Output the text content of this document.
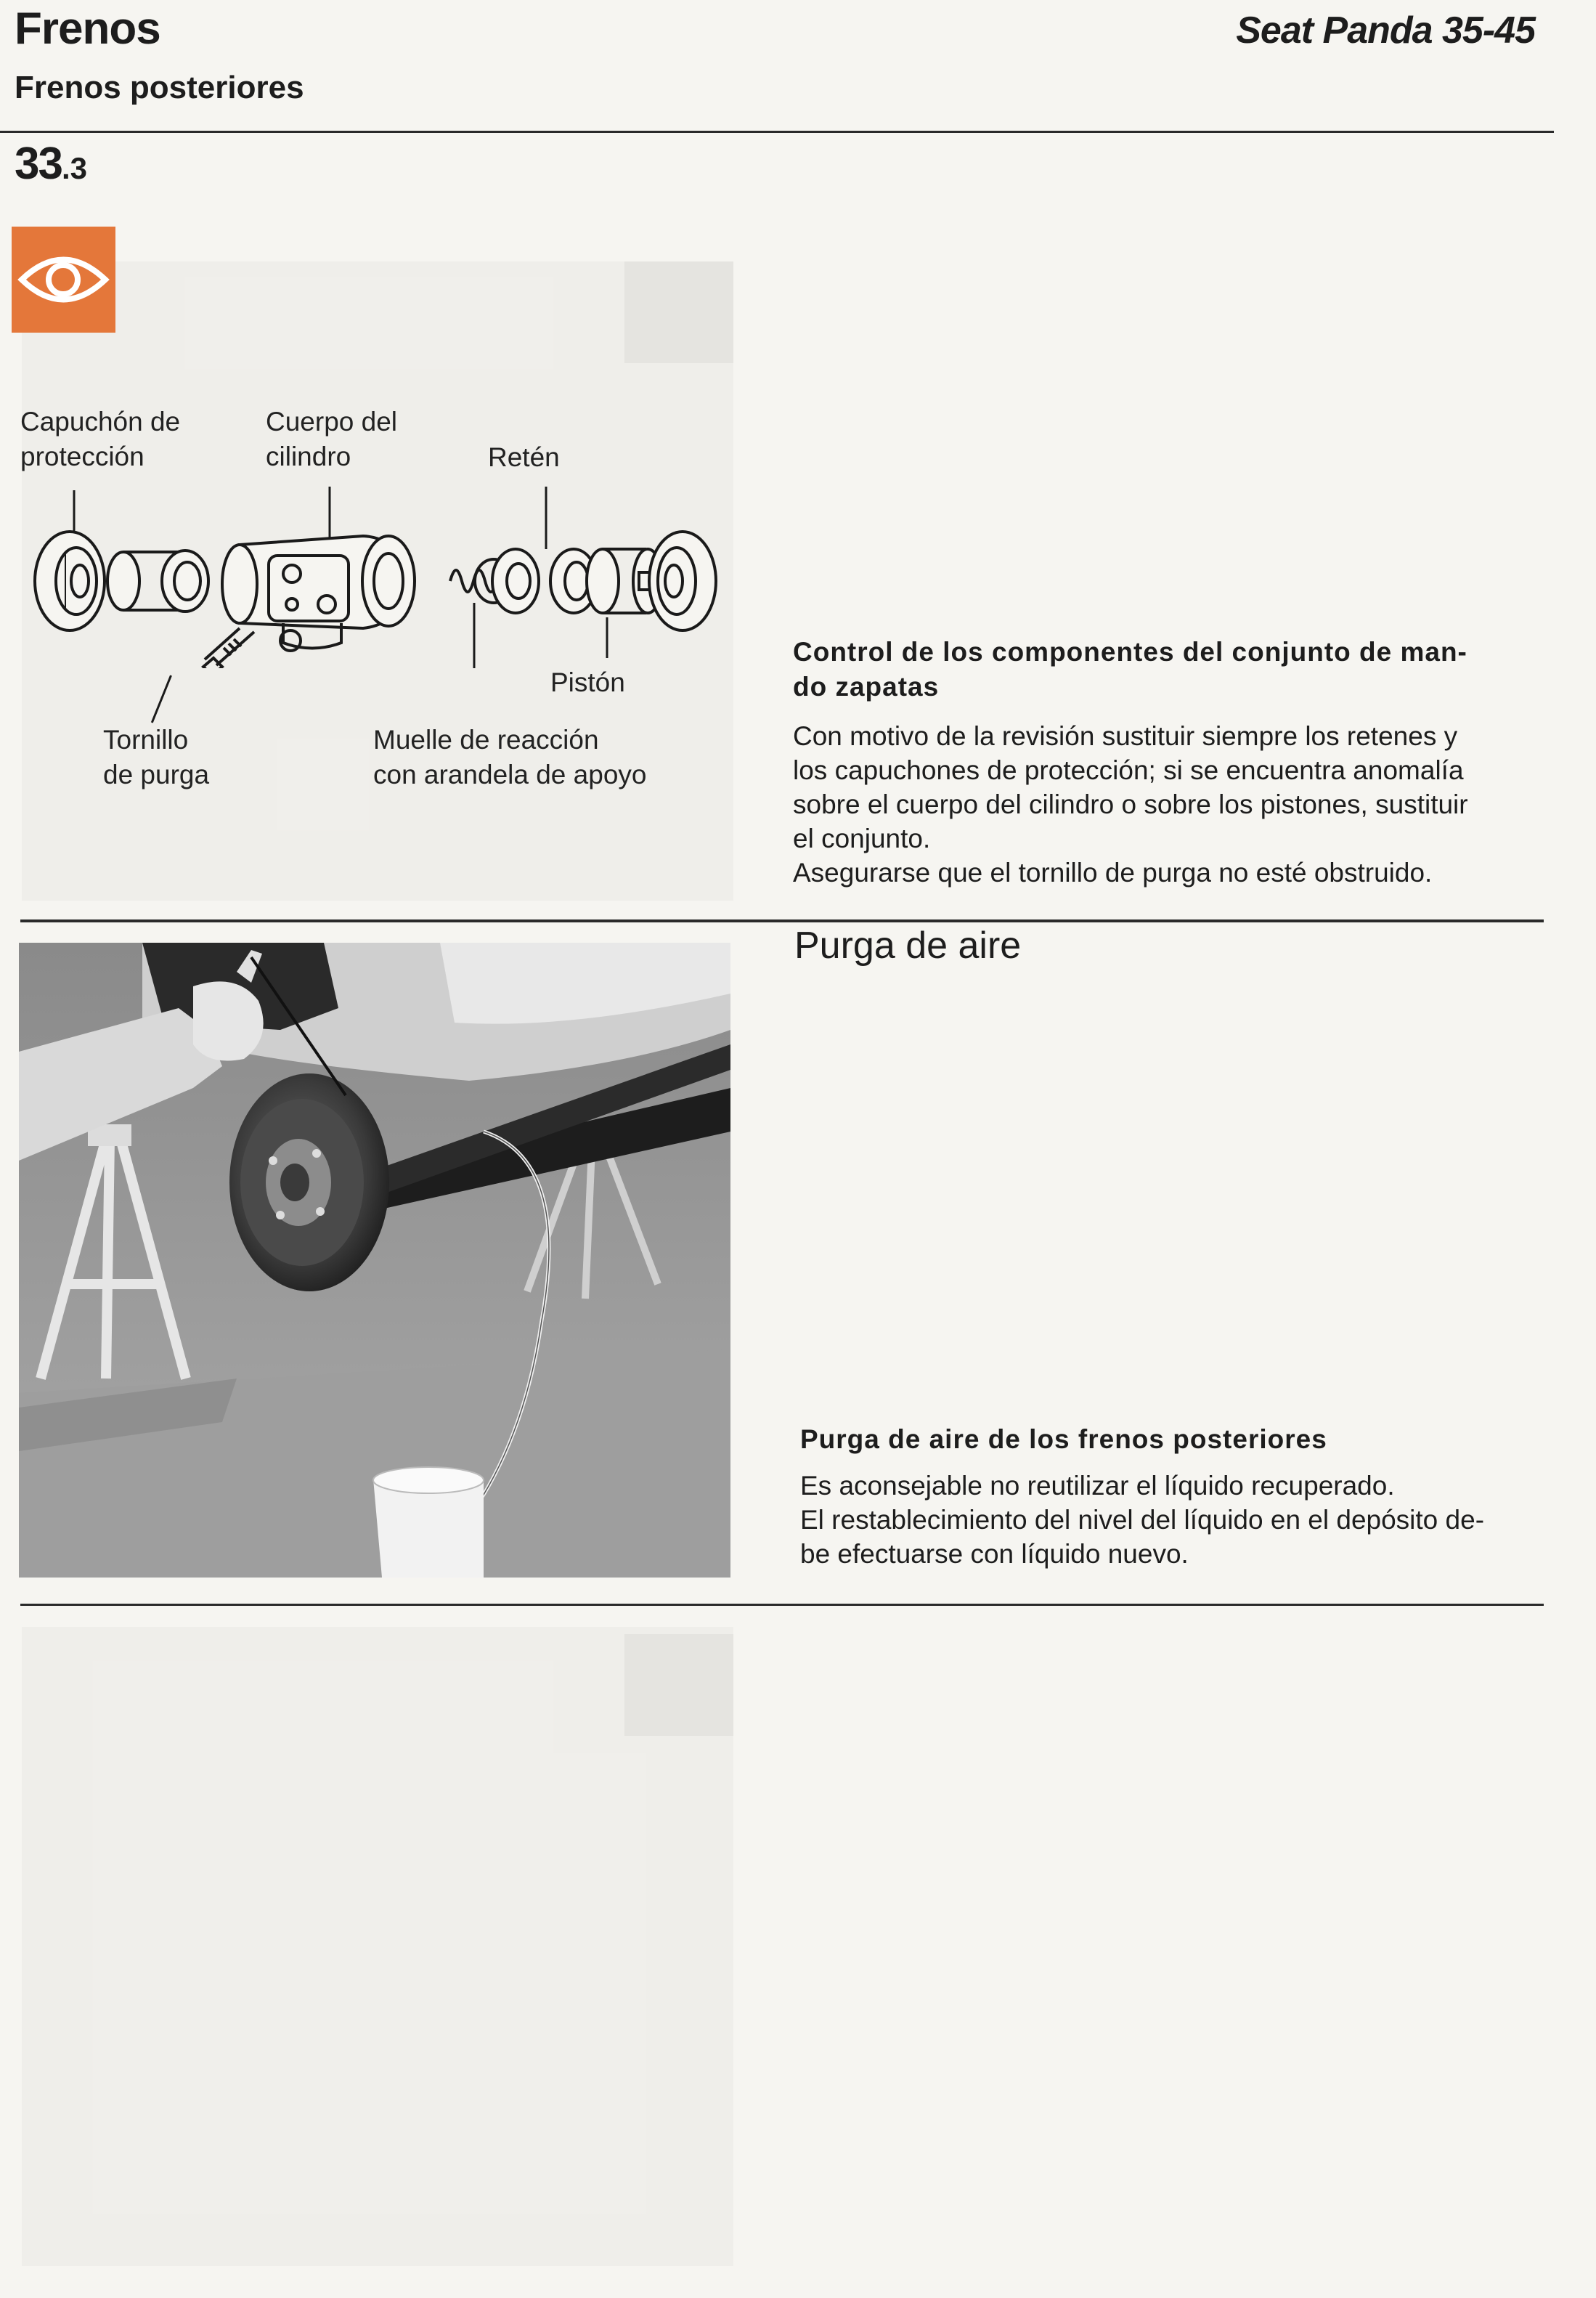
Frenos
Frenos posteriores
Seat Panda 35-45
33.3
Capuchón de
protección
Cuerpo del
cilindro	Retén
Pistón
Tornillo
de purga
Muelle de reacción
con arandela de apoyo
Control de los componentes del conjunto de man-
do zapatas
Con motivo de la revisión sustituir siempre los retenes y
los capuchones de protección; si se encuentra anomalía
sobre el cuerpo del cilindro o sobre los pistones, sustituir
el conjunto.
Asegurarse que el tornillo de purga no esté obstruido.
Purga de aire
Purga de aire de los frenos posteriores
Es aconsejable no reutilizar el líquido recuperado.
El restablecimiento del nivel del líquido en el depósito de-
be efectuarse con líquido nuevo.
